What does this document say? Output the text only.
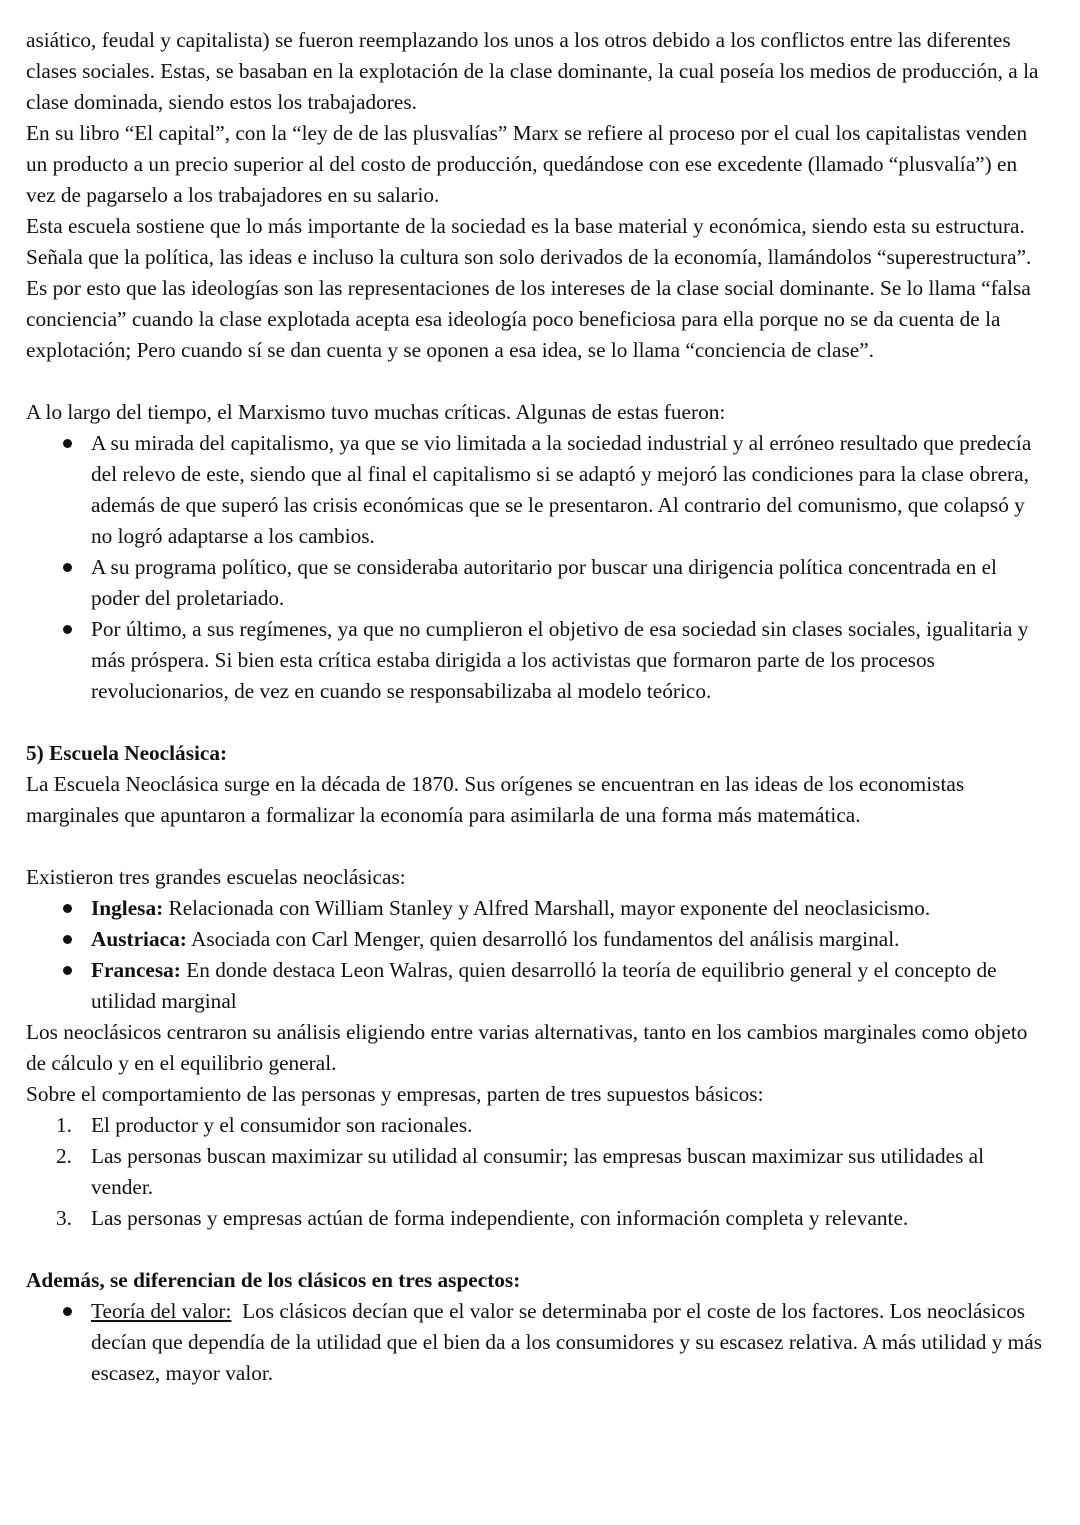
asiático, feudal y capitalista) se fueron reemplazando los unos a los otros debido a los conflictos entre las diferentes clases sociales. Estas, se basaban en la explotación de la clase dominante, la cual poseía los medios de producción, a la clase dominada, siendo estos los trabajadores.

En su libro “El capital”, con la “ley de de las plusvalías” Marx se refiere al proceso por el cual los capitalistas venden un producto a un precio superior al del costo de producción, quedándose con ese excedente (llamado “plusvalía”) en vez de pagarselo a los trabajadores en su salario.

Esta escuela sostiene que lo más importante de la sociedad es la base material y económica, siendo esta su estructura. Señala que la política, las ideas e incluso la cultura son solo derivados de la economía, llamándolos “superestructura”. Es por esto que las ideologías son las representaciones de los intereses de la clase social dominante. Se lo llama “falsa conciencia” cuando la clase explotada acepta esa ideología poco beneficiosa para ella porque no se da cuenta de la explotación; Pero cuando sí se dan cuenta y se oponen a esa idea, se lo llama “conciencia de clase”.

A lo largo del tiempo, el Marxismo tuvo muchas críticas. Algunas de estas fueron:

A su mirada del capitalismo, ya que se vio limitada a la sociedad industrial y al erróneo resultado que predecía del relevo de este, siendo que al final el capitalismo si se adaptó y mejoró las condiciones para la clase obrera, además de que superó las crisis económicas que se le presentaron. Al contrario del comunismo, que colapsó y no logró adaptarse a los cambios.
A su programa político, que se consideraba autoritario por buscar una dirigencia política concentrada en el poder del proletariado.
Por último, a sus regímenes, ya que no cumplieron el objetivo de esa sociedad sin clases sociales, igualitaria y más próspera. Si bien esta crítica estaba dirigida a los activistas que formaron parte de los procesos revolucionarios, de vez en cuando se responsabilizaba al modelo teórico.

5) Escuela Neoclásica:

La Escuela Neoclásica surge en la década de 1870. Sus orígenes se encuentran en las ideas de los economistas marginales que apuntaron a formalizar la economía para asimilarla de una forma más matemática.

Existieron tres grandes escuelas neoclásicas:

Inglesa: Relacionada con William Stanley y Alfred Marshall, mayor exponente del neoclasicismo.
Austriaca: Asociada con Carl Menger, quien desarrolló los fundamentos del análisis marginal.
Francesa: En donde destaca Leon Walras, quien desarrolló la teoría de equilibrio general y el concepto de utilidad marginal

Los neoclásicos centraron su análisis eligiendo entre varias alternativas, tanto en los cambios marginales como objeto de cálculo y en el equilibrio general.

Sobre el comportamiento de las personas y empresas, parten de tres supuestos básicos:

1. El productor y el consumidor son racionales.
2. Las personas buscan maximizar su utilidad al consumir; las empresas buscan maximizar sus utilidades al vender.
3. Las personas y empresas actúan de forma independiente, con información completa y relevante.

Además, se diferencian de los clásicos en tres aspectos:

Teoría del valor:  Los clásicos decían que el valor se determinaba por el coste de los factores. Los neoclásicos decían que dependía de la utilidad que el bien da a los consumidores y su escasez relativa. A más utilidad y más escasez, mayor valor.
